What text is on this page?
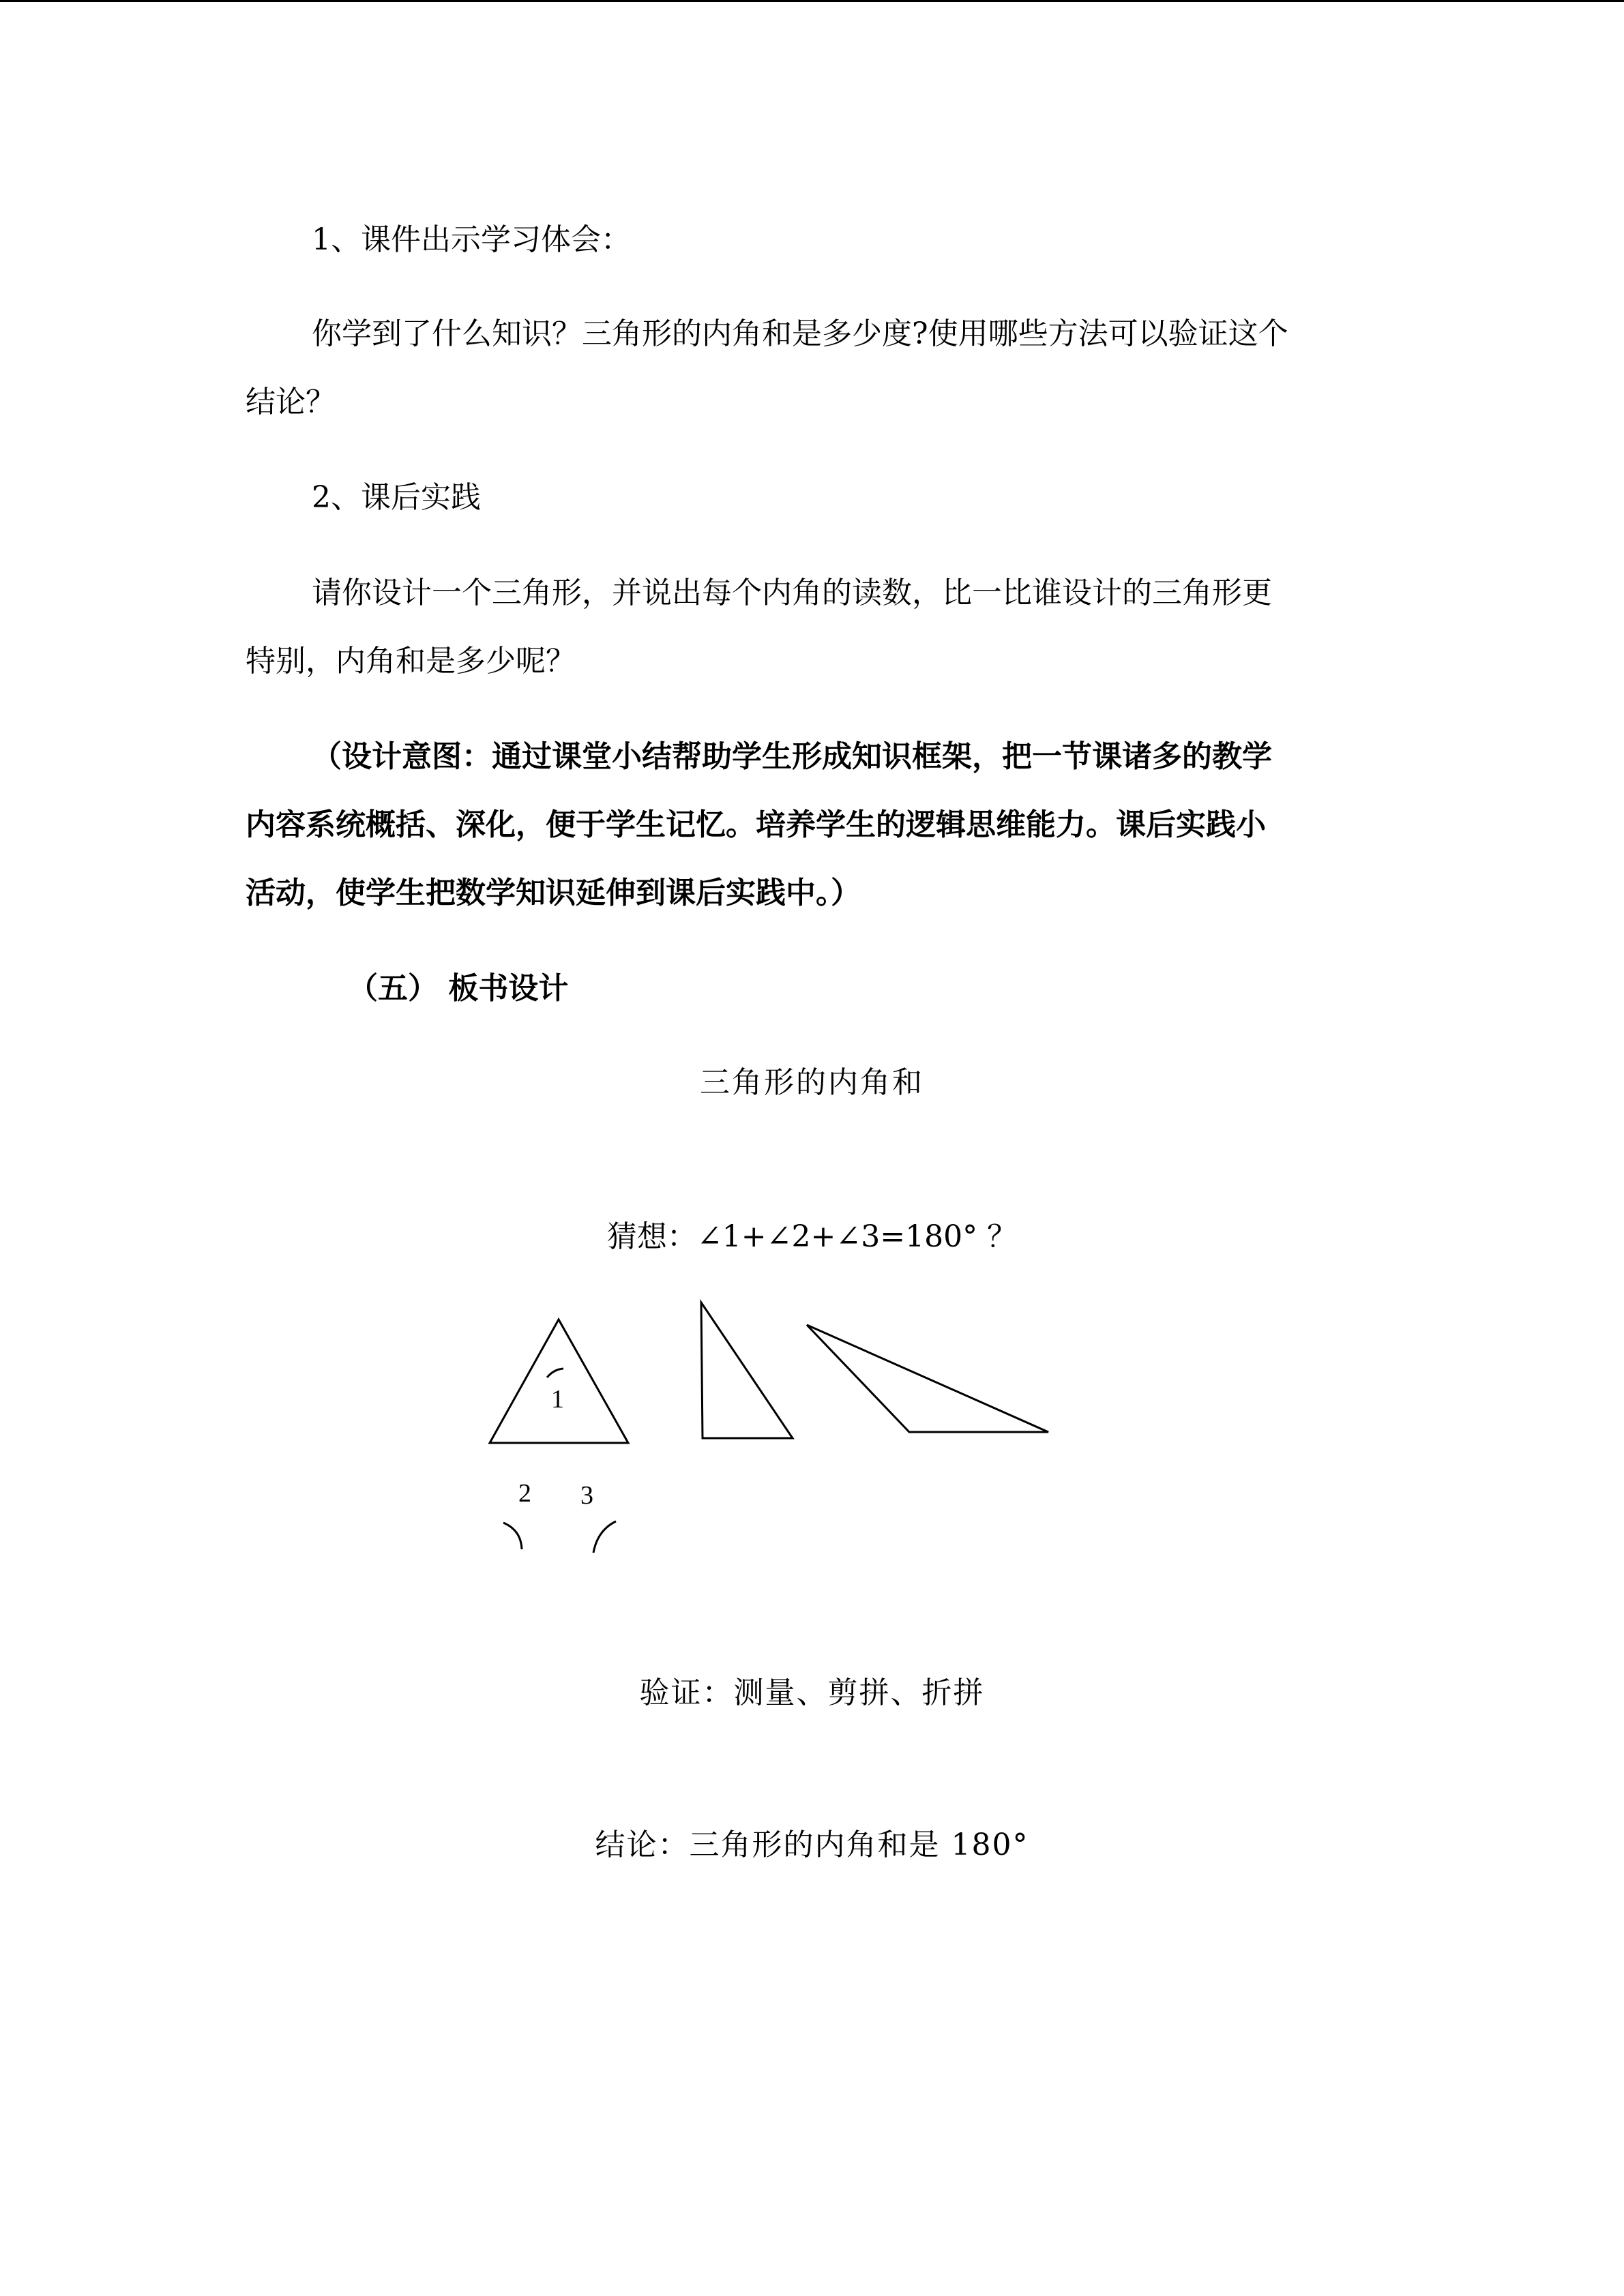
1、课件出示学习体会：
你学到了什么知识？三角形的内角和是多少度?使用哪些方法可以验证这个
结论？
2、课后实践
请你设计一个三角形，并说出每个内角的读数，比一比谁设计的三角形更
特别，内角和是多少呢？
（设计意图：通过课堂小结帮助学生形成知识框架，把一节课诸多的教学
内容系统概括、深化，便于学生记忆。培养学生的逻辑思维能力。课后实践小
活动，使学生把数学知识延伸到课后实践中。）
（五） 板书设计
三角形的内角和
猜想：∠1+∠2+∠3=180° ？
1
2 3
验证：测量、剪拼、折拼
结论：三角形的内角和是 180°
